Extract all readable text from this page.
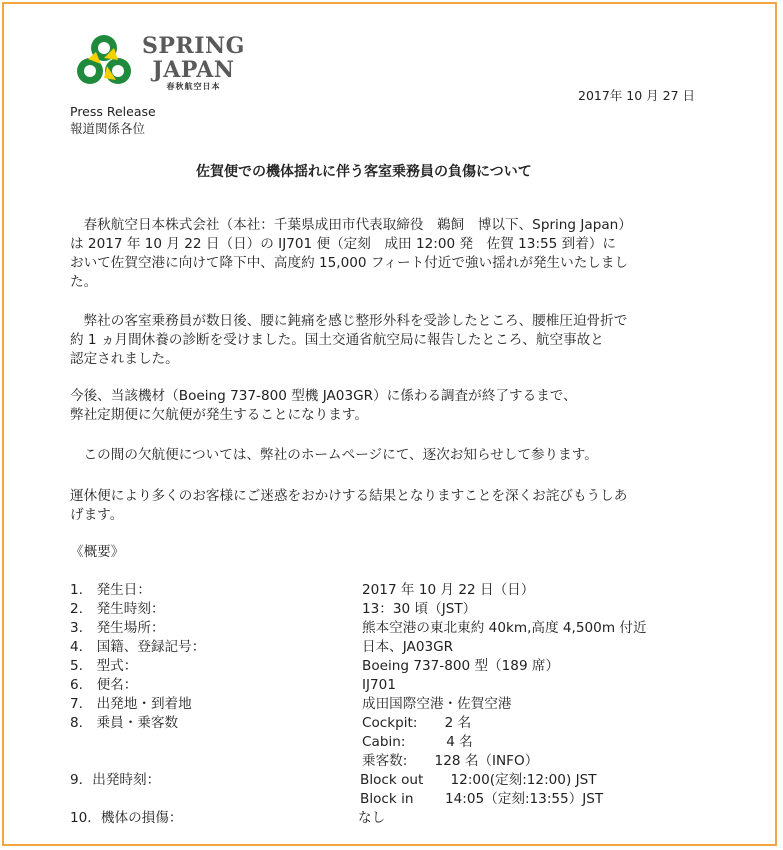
SPRING
JAPAN
春秋航空日本
2017年 10 月 27 日
Press Release
報道関係各位
佐賀便での機体揺れに伴う客室乗務員の負傷について
　春秋航空日本株式会社（本社：千葉県成田市代表取締役　鵜飼　博以下、Spring Japan）
は 2017 年 10 月 22 日（日）の IJ701 便（定刻　成田 12:00 発　佐賀 13:55 到着）に
おいて佐賀空港に向けて降下中、高度約 15,000 フィート付近で強い揺れが発生いたしまし
た。
　弊社の客室乗務員が数日後、腰に鈍痛を感じ整形外科を受診したところ、腰椎圧迫骨折で
約 1 ヵ月間休養の診断を受けました。国土交通省航空局に報告したところ、航空事故と
認定されました。
今後、当該機材（Boeing 737-800 型機 JA03GR）に係わる調査が終了するまで、
弊社定期便に欠航便が発生することになります。
　この間の欠航便については、弊社のホームページにて、逐次お知らせして参ります。
運休便により多くのお客様にご迷惑をおかけする結果となりますことを深くお詫びもうしあ
げます。
《概要》
1.　発生日：	2017 年 10 月 22 日（日）
2.　発生時刻：	13：30 頃（JST）
3.　発生場所：	熊本空港の東北東約 40km,高度 4,500m 付近
4.　国籍、登録記号：	日本、JA03GR
5.　型式：	Boeing 737-800 型（189 席）
6.　便名：	IJ701
7.　出発地・到着地	成田国際空港・佐賀空港
8.　乗員・乗客数	Cockpit:　　2 名
Cabin:　　　4 名
乗客数:　　128 名（INFO）
9．出発時刻：	Block out　　12:00(定刻:12:00) JST
Block in　　 14:05（定刻:13:55）JST
10．機体の損傷：	なし
